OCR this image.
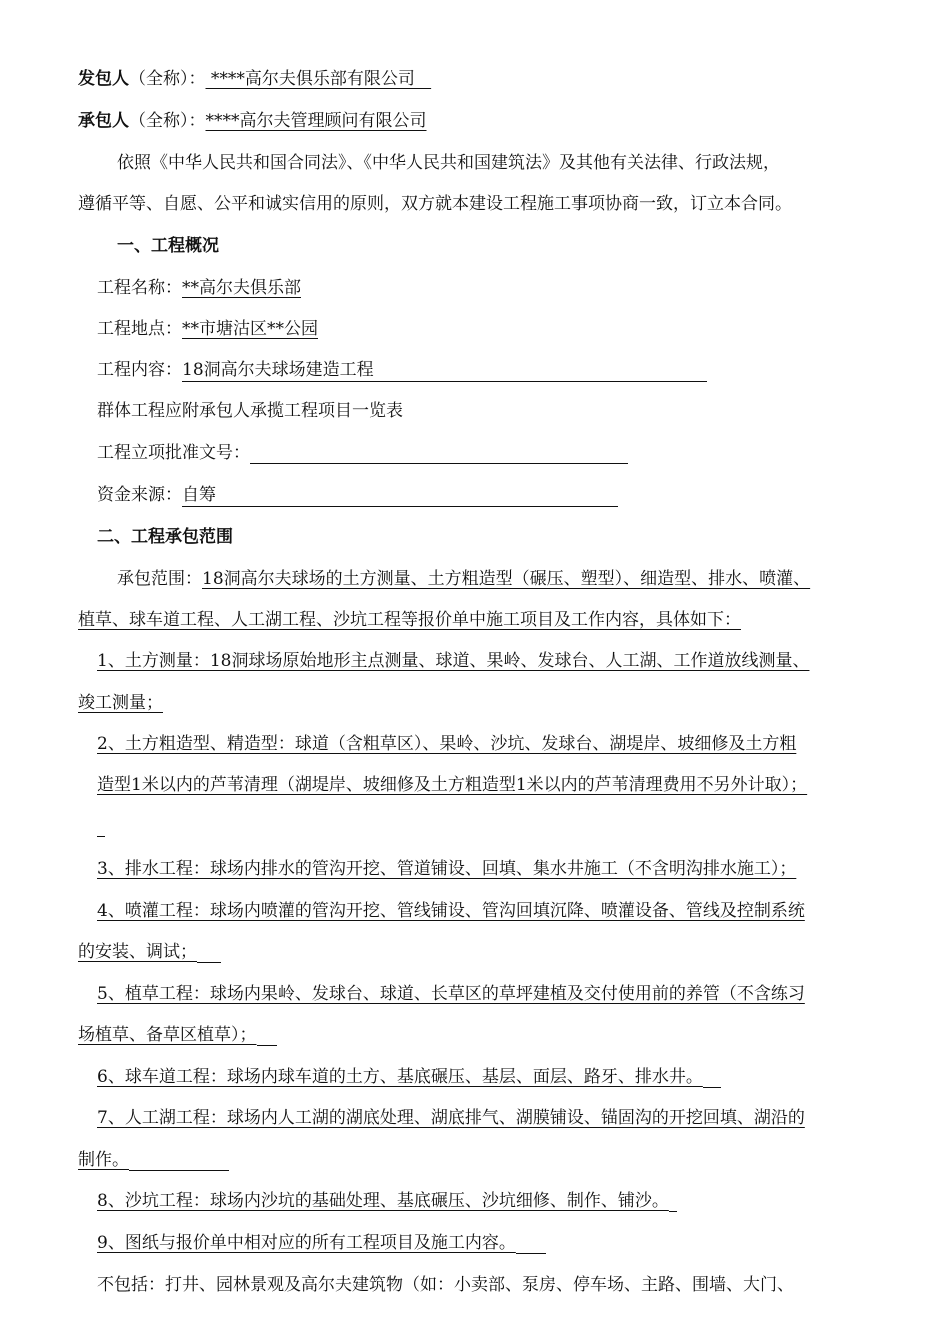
发包人（全称）： ****高尔夫俱乐部有限公司
承包人（全称）：****高尔夫管理顾问有限公司
依照《中华人民共和国合同法》、《中华人民共和国建筑法》及其他有关法律、行政法规，
遵循平等、自愿、公平和诚实信用的原则，双方就本建设工程施工事项协商一致，订立本合同。
一、工程概况
工程名称：**高尔夫俱乐部
工程地点：**市塘沽区**公园
工程内容：18洞高尔夫球场建造工程
群体工程应附承包人承揽工程项目一览表
工程立项批准文号：
资金来源：自筹
二、工程承包范围
承包范围：18洞高尔夫球场的土方测量、土方粗造型（碾压、塑型）、细造型、排水、喷灌、
植草、球车道工程、人工湖工程、沙坑工程等报价单中施工项目及工作内容，具体如下：
1、土方测量：18洞球场原始地形主点测量、球道、果岭、发球台、人工湖、工作道放线测量、
竣工测量；
2、土方粗造型、精造型：球道（含粗草区）、果岭、沙坑、发球台、湖堤岸、坡细修及土方粗
造型1米以内的芦苇清理（湖堤岸、坡细修及土方粗造型1米以内的芦苇清理费用不另外计取）；
3、排水工程：球场内排水的管沟开挖、管道铺设、回填、集水井施工（不含明沟排水施工）；
4、喷灌工程：球场内喷灌的管沟开挖、管线铺设、管沟回填沉降、喷灌设备、管线及控制系统
的安装、调试；
5、植草工程：球场内果岭、发球台、球道、长草区的草坪建植及交付使用前的养管（不含练习
场植草、备草区植草）；
6、球车道工程：球场内球车道的土方、基底碾压、基层、面层、路牙、排水井。
7、人工湖工程：球场内人工湖的湖底处理、湖底排气、湖膜铺设、锚固沟的开挖回填、湖沿的
制作。
8、沙坑工程：球场内沙坑的基础处理、基底碾压、沙坑细修、制作、铺沙。
9、图纸与报价单中相对应的所有工程项目及施工内容。
不包括：打井、园林景观及高尔夫建筑物（如：小卖部、泵房、停车场、主路、围墙、大门、
